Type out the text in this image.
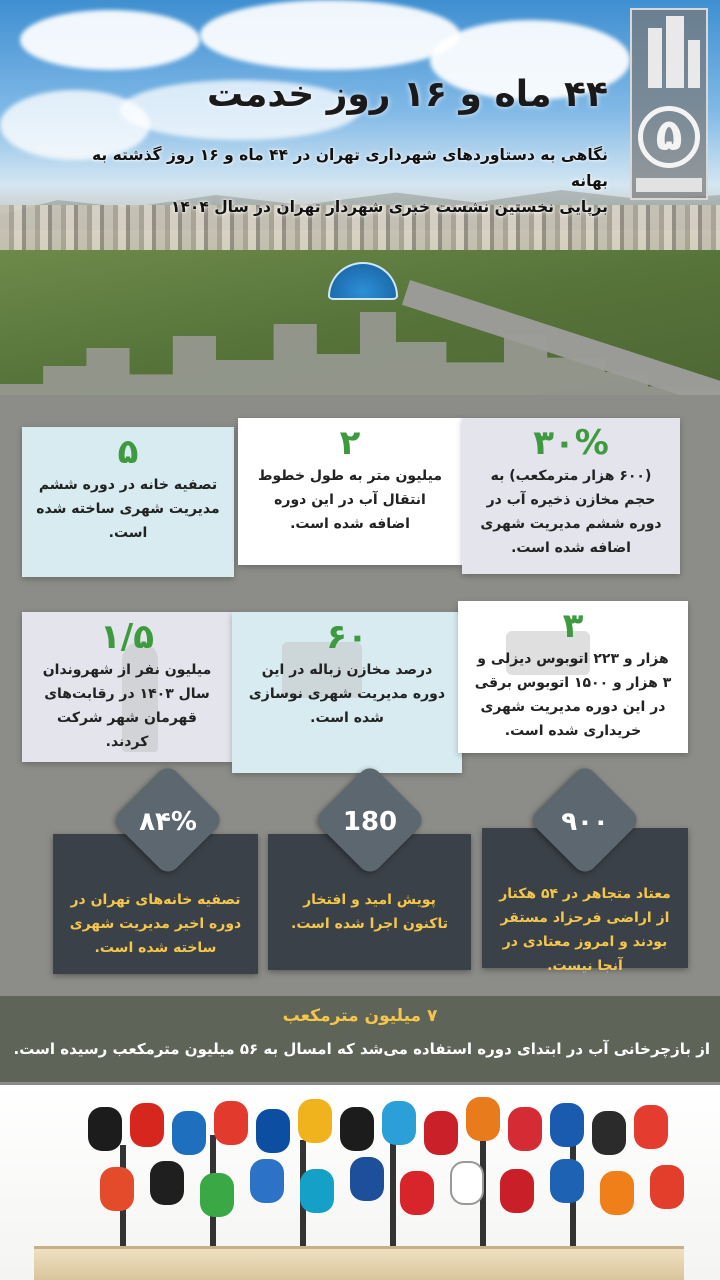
۵
۴۴ ماه و ۱۶ روز خدمت
نگاهی به دستاوردهای شهرداری تهران در ۴۴ ماه و ۱۶ روز گذشته به بهانه
برپایی نخستین نشست خبری شهردار تهران در سال ۱۴۰۴
۵
تصفیه خانه در دوره ششم مدیریت شهری ساخته شده است.
۲
میلیون متر به طول خطوط انتقال آب در این دوره اضافه شده است.
۳۰%
(۶۰۰ هزار مترمکعب) به حجم مخازن ذخیره آب در دوره ششم مدیریت شهری اضافه شده است.
۱/۵
میلیون نفر از شهروندان سال ۱۴۰۳ در رقابت‌های قهرمان شهر شرکت کردند.
۶۰
درصد مخازن زباله در این دوره مدیریت شهری نوسازی شده است.
۳
هزار و ۲۲۳ اتوبوس دیزلی و ۳ هزار و ۱۵۰۰ اتوبوس برقی در این دوره مدیریت شهری خریداری شده است.
تصفیه خانه‌های تهران در دوره اخیر مدیریت شهری ساخته شده است.
۸۴%
پویش امید و افتخار تاکنون اجرا شده است.
180
معتاد متجاهر در ۵۴ هکتار از اراضی فرحزاد مستقر بودند و امروز معتادی در آنجا نیست.
۹۰۰
۷ میلیون مترمکعب
از بازچرخانی آب در ابتدای دوره استفاده می‌شد که امسال به ۵۶ میلیون مترمکعب رسیده است.
